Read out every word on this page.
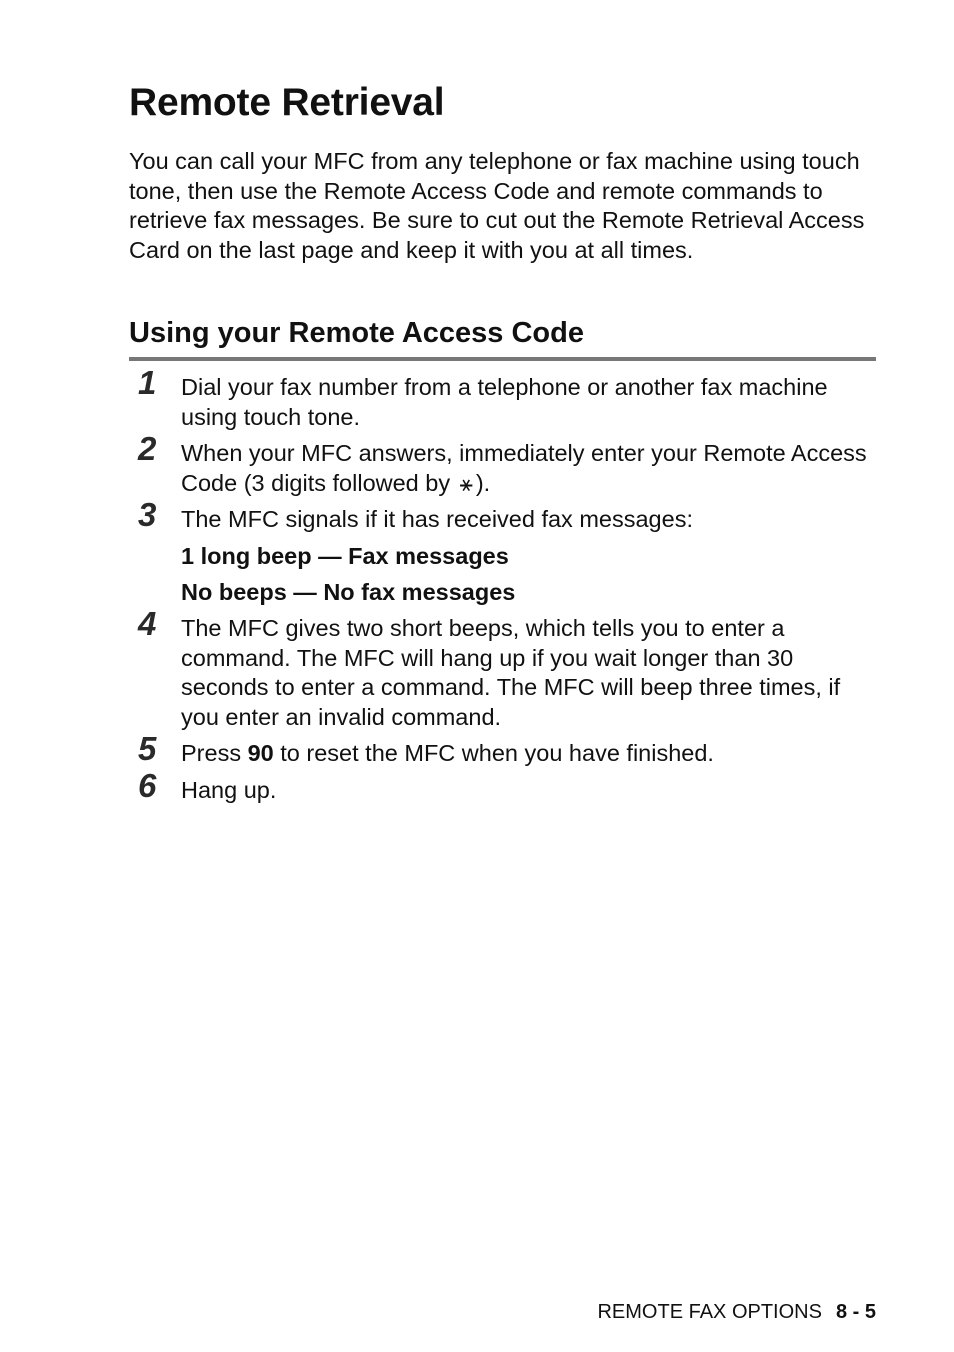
Remote Retrieval

You can call your MFC from any telephone or fax machine using touch tone, then use the Remote Access Code and remote commands to retrieve fax messages. Be sure to cut out the Remote Retrieval Access Card on the last page and keep it with you at all times.

Using your Remote Access Code
1 Dial your fax number from a telephone or another fax machine using touch tone.

2 When your MFC answers, immediately enter your Remote Access Code (3 digits followed by ⚹ ).

3 The MFC signals if it has received fax messages:

1 long beep — Fax messages

No beeps — No fax messages

4 The MFC gives two short beeps, which tells you to enter a command. The MFC will hang up if you wait longer than 30 seconds to enter a command. The MFC will beep three times, if you enter an invalid command.

5 Press 90 to reset the MFC when you have finished.

6 Hang up.

REMOTE FAX OPTIONS 8 - 5
